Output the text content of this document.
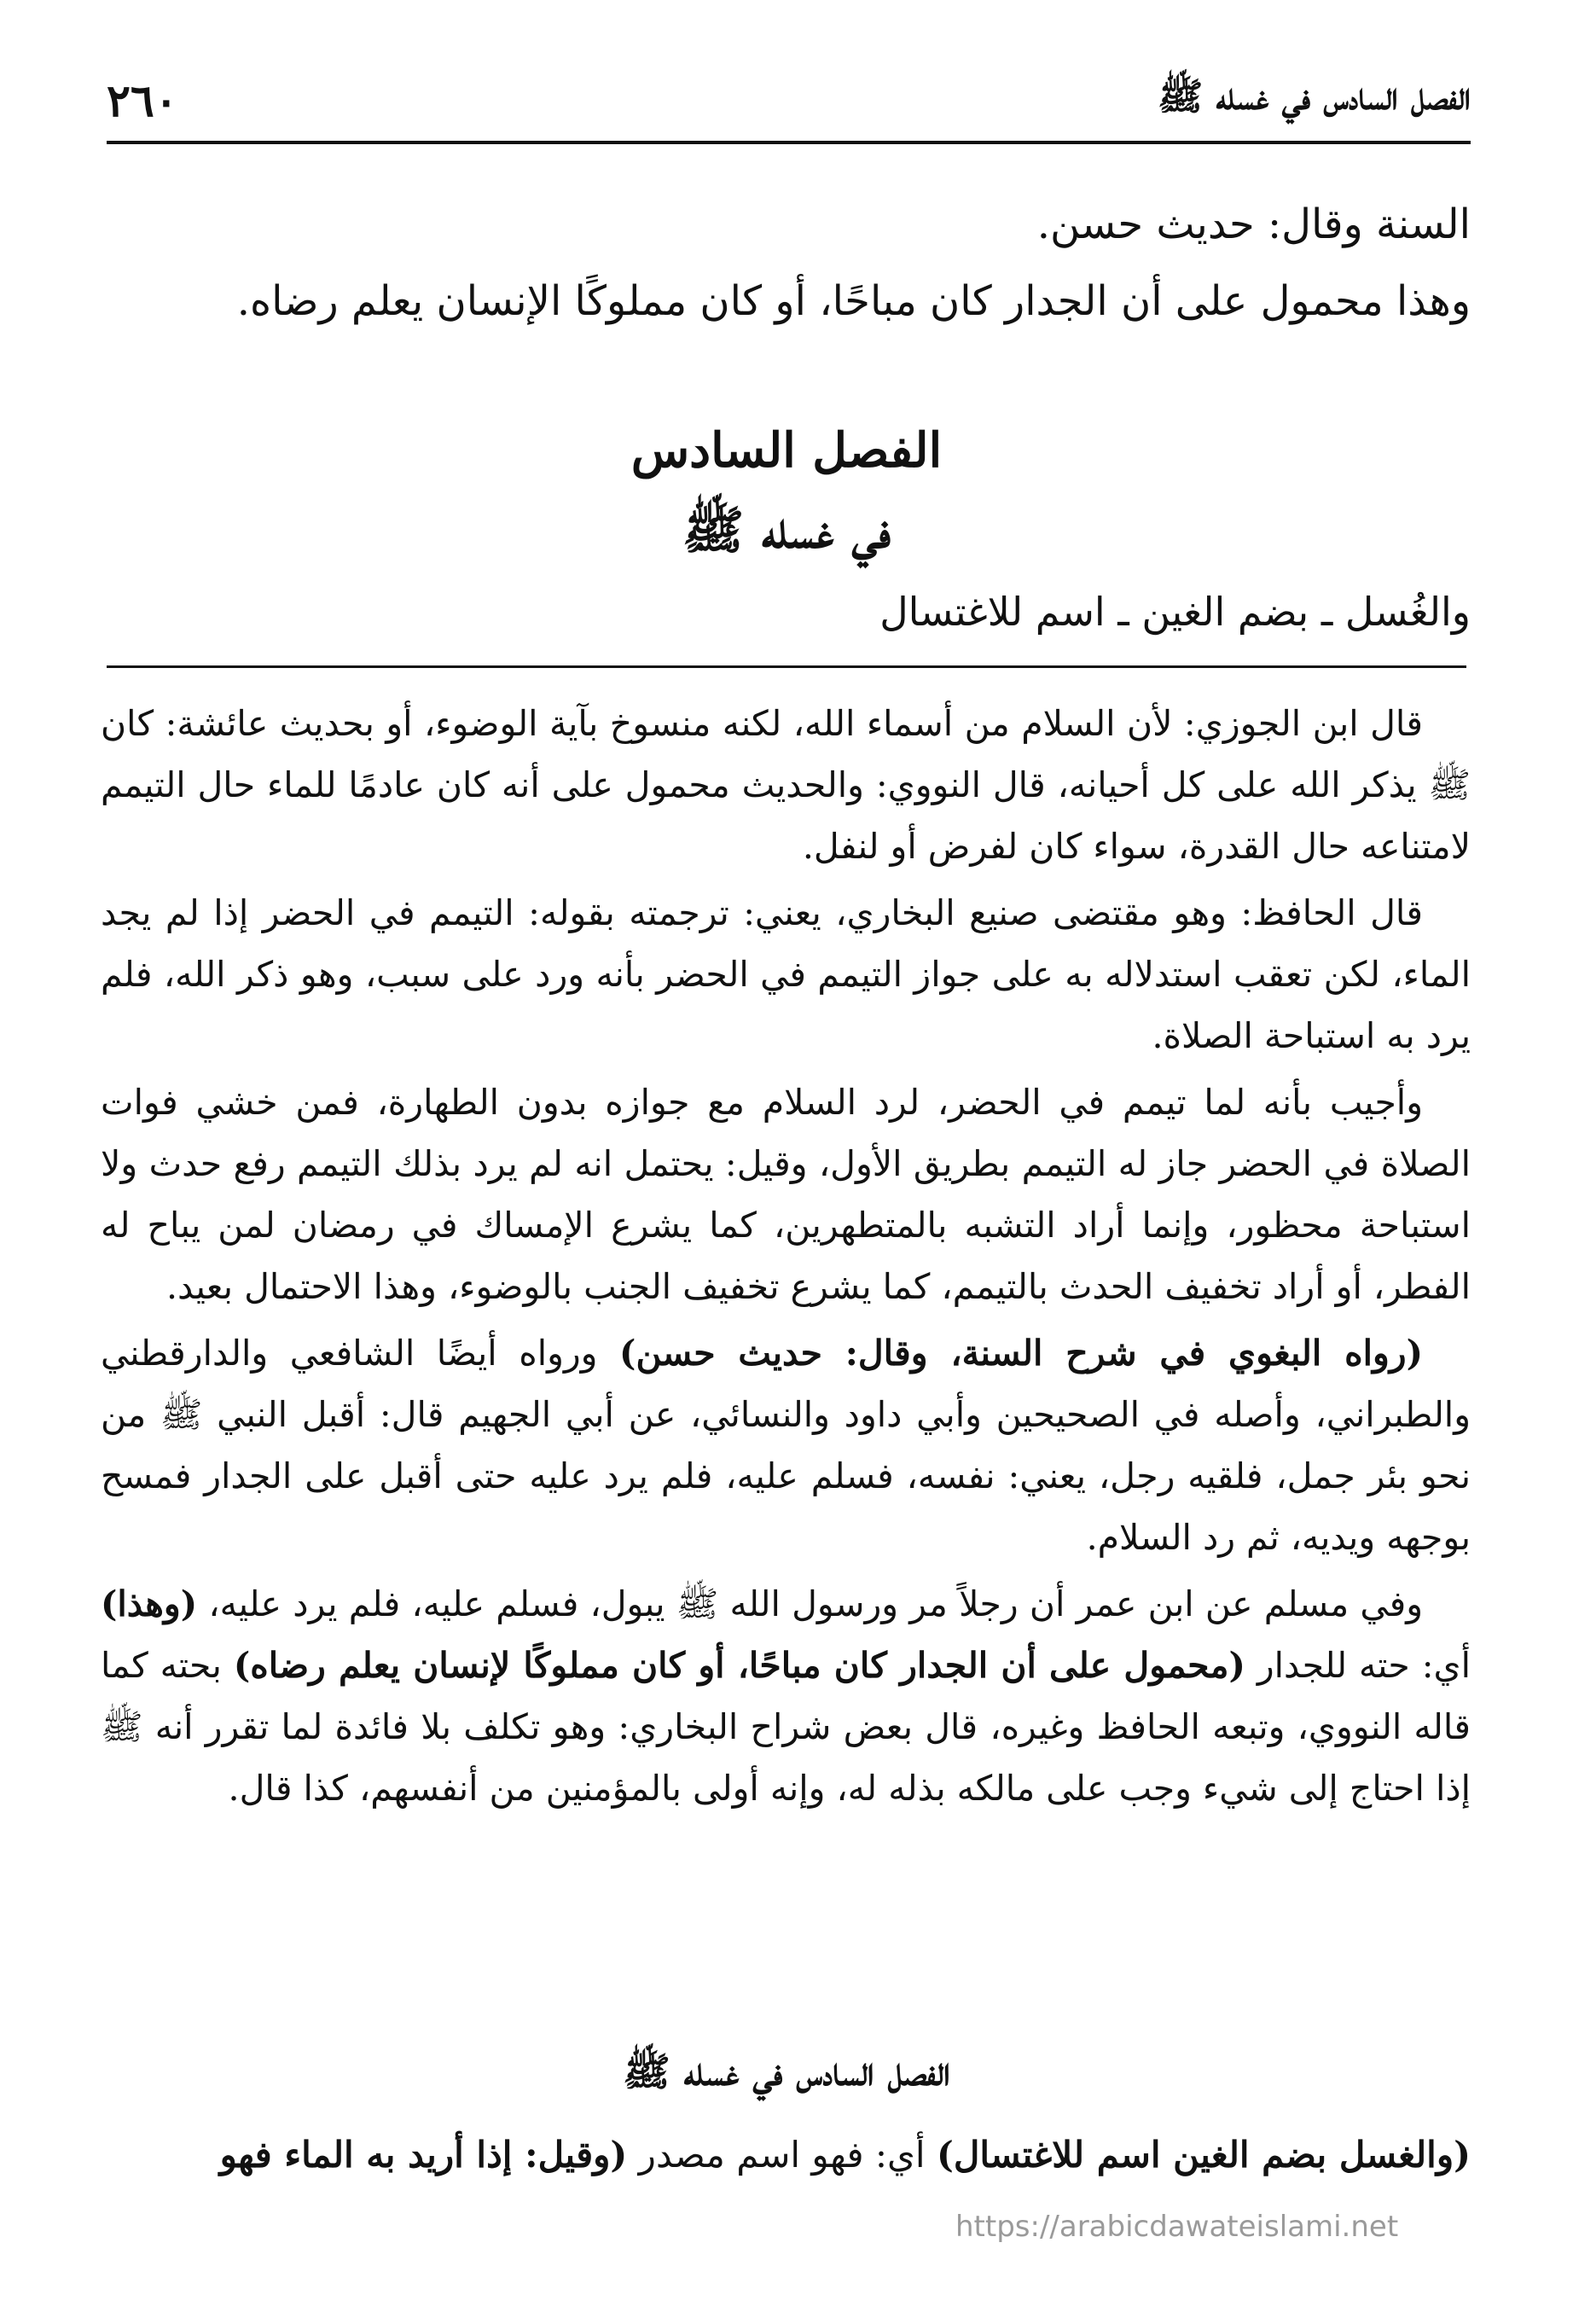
الفصل السادس في غسله ﷺ
٢٦٠

السنة وقال: حديث حسن.

وهذا محمول على أن الجدار كان مباحًا، أو كان مملوكًا الإنسان يعلم رضاه.

الفصل السادس
في غسله ﷺ
والغُسل ـ بضم الغين ـ اسم للاغتسال

قال ابن الجوزي: لأن السلام من أسماء الله، لكنه منسوخ بآية الوضوء، أو بحديث عائشة: كان ﷺ يذكر الله على كل أحيانه، قال النووي: والحديث محمول على أنه كان عادمًا للماء حال التيمم لامتناعه حال القدرة، سواء كان لفرض أو لنفل.

قال الحافظ: وهو مقتضى صنيع البخاري، يعني: ترجمته بقوله: التيمم في الحضر إذا لم يجد الماء، لكن تعقب استدلاله به على جواز التيمم في الحضر بأنه ورد على سبب، وهو ذكر الله، فلم يرد به استباحة الصلاة.

وأجيب بأنه لما تيمم في الحضر، لرد السلام مع جوازه بدون الطهارة، فمن خشي فوات الصلاة في الحضر جاز له التيمم بطريق الأول، وقيل: يحتمل انه لم يرد بذلك التيمم رفع حدث ولا استباحة محظور، وإنما أراد التشبه بالمتطهرين، كما يشرع الإمساك في رمضان لمن يباح له الفطر، أو أراد تخفيف الحدث بالتيمم، كما يشرع تخفيف الجنب بالوضوء، وهذا الاحتمال بعيد.

(رواه البغوي في شرح السنة، وقال: حديث حسن) ورواه أيضًا الشافعي والدارقطني والطبراني، وأصله في الصحيحين وأبي داود والنسائي، عن أبي الجهيم قال: أقبل النبي ﷺ من نحو بئر جمل، فلقيه رجل، يعني: نفسه، فسلم عليه، فلم يرد عليه حتى أقبل على الجدار فمسح بوجهه ويديه، ثم رد السلام.

وفي مسلم عن ابن عمر أن رجلاً مر ورسول الله ﷺ يبول، فسلم عليه، فلم يرد عليه، (وهذا) أي: حته للجدار (محمول على أن الجدار كان مباحًا، أو كان مملوكًا لإنسان يعلم رضاه) بحته كما قاله النووي، وتبعه الحافظ وغيره، قال بعض شراح البخاري: وهو تكلف بلا فائدة لما تقرر أنه ﷺ إذا احتاج إلى شيء وجب على مالكه بذله له، وإنه أولى بالمؤمنين من أنفسهم، كذا قال.

الفصل السادس في غسله ﷺ
(والغسل بضم الغين اسم للاغتسال) أي: فهو اسم مصدر (وقيل: إذا أريد به الماء فهو
https://arabicdawateislami.net
